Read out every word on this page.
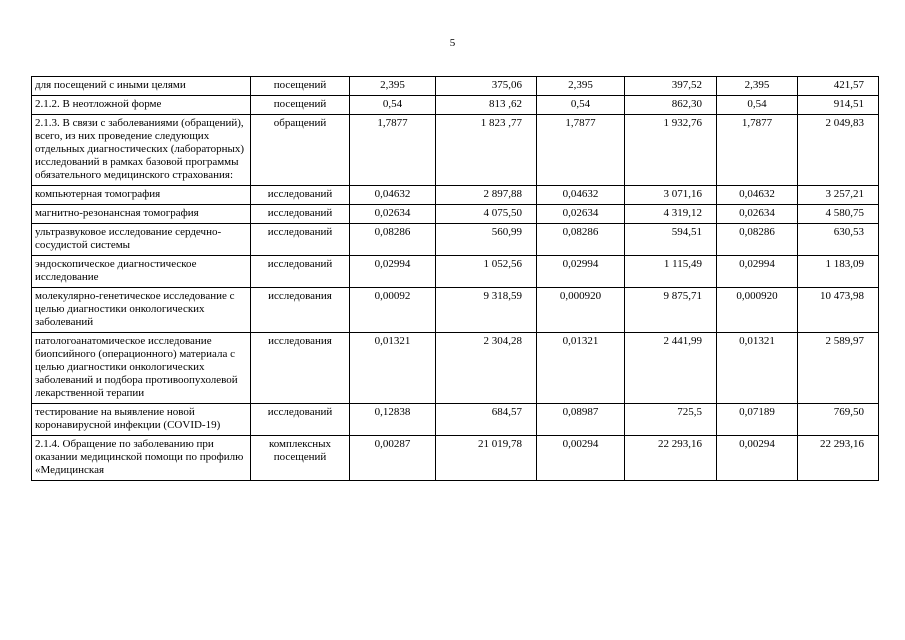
5
для посещений с иными целями	посещений	2,395	375,06	2,395	397,52	2,395	421,57
2.1.2. В неотложной форме	посещений	0,54	813 ,62	0,54	862,30	0,54	914,51
2.1.3. В связи с заболеваниями (обращений), всего, из них проведение следующих отдельных диагностических (лабораторных) исследований в рамках базовой программы обязательного медицинского страхования:	обращений	1,7877	1 823 ,77	1,7877	1 932,76	1,7877	2 049,83
компьютерная томография	исследований	0,04632	2 897,88	0,04632	3 071,16	0,04632	3 257,21
магнитно-резонансная томография	исследований	0,02634	4 075,50	0,02634	4 319,12	0,02634	4 580,75
ультразвуковое исследование сердечно-сосудистой системы	исследований	0,08286	560,99	0,08286	594,51	0,08286	630,53
эндоскопическое диагностическое исследование	исследований	0,02994	1 052,56	0,02994	1 115,49	0,02994	1 183,09
молекулярно-генетическое исследование с целью диагностики онкологических заболеваний	исследования	0,00092	9 318,59	0,000920	9 875,71	0,000920	10 473,98
патологоанатомическое исследование биопсийного (операционного) материала с целью диагностики онкологических заболеваний и подбора противоопухолевой лекарственной терапии	исследования	0,01321	2 304,28	0,01321	2 441,99	0,01321	2 589,97
тестирование на выявление новой коронавирусной инфекции (COVID-19)	исследований	0,12838	684,57	0,08987	725,5	0,07189	769,50
2.1.4. Обращение по заболеванию при оказании медицинской помощи по профилю «Медицинская	комплексных посещений	0,00287	21 019,78	0,00294	22 293,16	0,00294	22 293,16
